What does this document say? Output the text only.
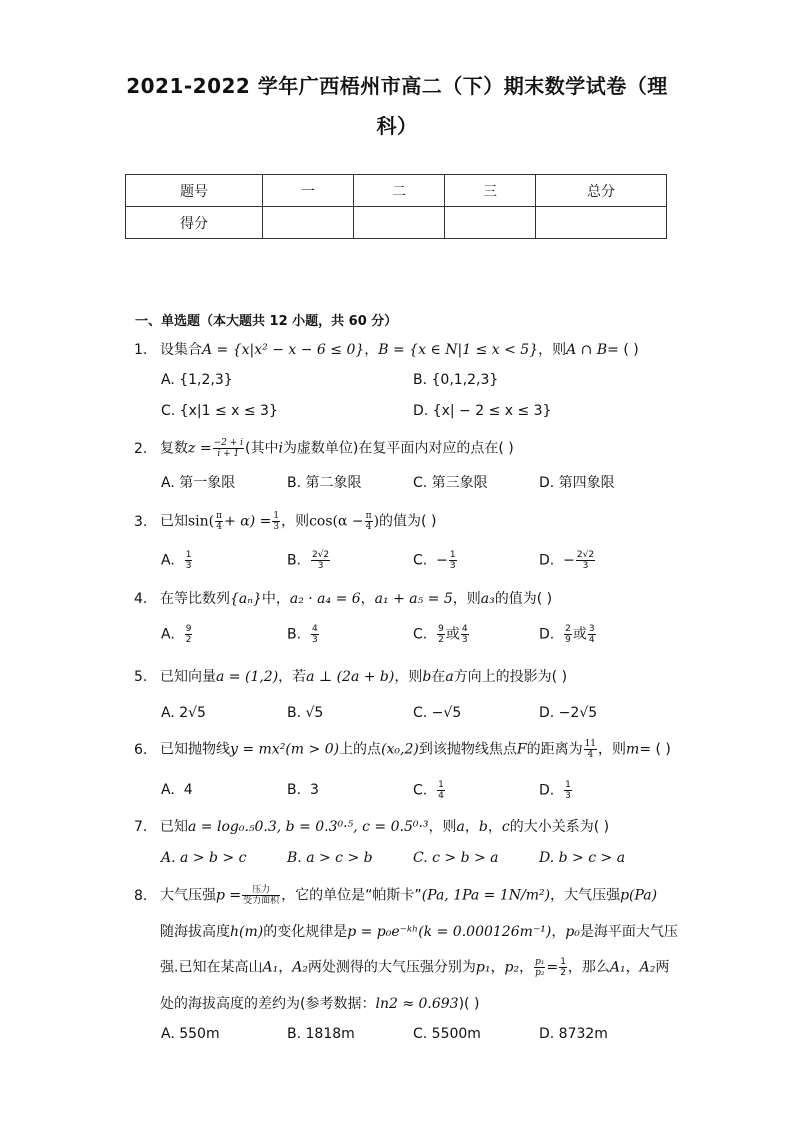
2021-2022 学年广西梧州市高二（下）期末数学试卷（理
科）
题号	一	二	三	总分
得分				
一、单选题（本大题共 12 小题，共 60 分）
1. 设集合A = {x|x² − x − 6 ≤ 0}，B = {x ∈ N|1 ≤ x < 5}，则A ∩ B= ( )
A. {1,2,3}	B. {0,1,2,3}
C. {x|1 ≤ x ≤ 3}	D. {x| − 2 ≤ x ≤ 3}
2. 复数$z = \frac{-2 + i}{i + 1}$ (其中i为虚数单位)在复平面内对应的点在( )
A. 第一象限	B. 第二象限	C. 第三象限	D. 第四象限
3. 已知$\sin( \frac{\pi}{4} + \alpha) = \frac{1}{3}$ ，则$\cos(\alpha - \frac{\pi}{4}$ )的值为( )
A. $\frac{1}{3}$	B. $\frac{2√2}{3}$	C. − $\frac{1}{3}$	D. − $\frac{2√2}{3}$
4. 在等比数列{aₙ}中，a₂ · a₄ = 6，a₁ + a₅ = 5，则a₃的值为( )
A. $\frac{9}{2}$	B. $\frac{4}{3}$	C. $\frac{9}{2}$ 或 $\frac{4}{3}$	D. $\frac{2}{9}$ 或 $\frac{3}{4}$
5. 已知向量a = (1,2)，若a ⊥ (2a + b)，则b在a方向上的投影为( )
A. 2√5	B. √5	C. −√5	D. −2√5
6. 已知抛物线y = mx²(m > 0)上的点(x₀,2)到该抛物线焦点F的距离为 $\frac{11}{4}$ ，则m= ( )
A. 4	B. 3	C. $\frac{1}{4}$	D. $\frac{1}{3}$
7. 已知a = log₀.₅0.3, b = 0.3⁰·⁵, c = 0.5⁰·³，则a，b，c的大小关系为( )
A. a > b > c	B. a > c > b	C. c > b > a	D. b > c > a
8. 大气压强$p = \frac{\text{压力}}{\text{受力面积}}$ ，它的单位是“帕斯卡”(Pa, 1Pa = 1N/m²)，大气压强p(Pa)
随海拔高度h(m)的变化规律是p = p₀e⁻ᵏʰ(k = 0.000126m⁻¹)，p₀是海平面大气压
强.已知在某高山A₁，A₂两处测得的大气压强分别为p₁，p₂， $\frac{\text{p₁}}{\text{p₂}} = \frac{1}{2}$ ，那么A₁，A₂两
处的海拔高度的差约为(参考数据：ln2 ≈ 0.693)( )
A. 550m	B. 1818m	C. 5500m	D. 8732m
